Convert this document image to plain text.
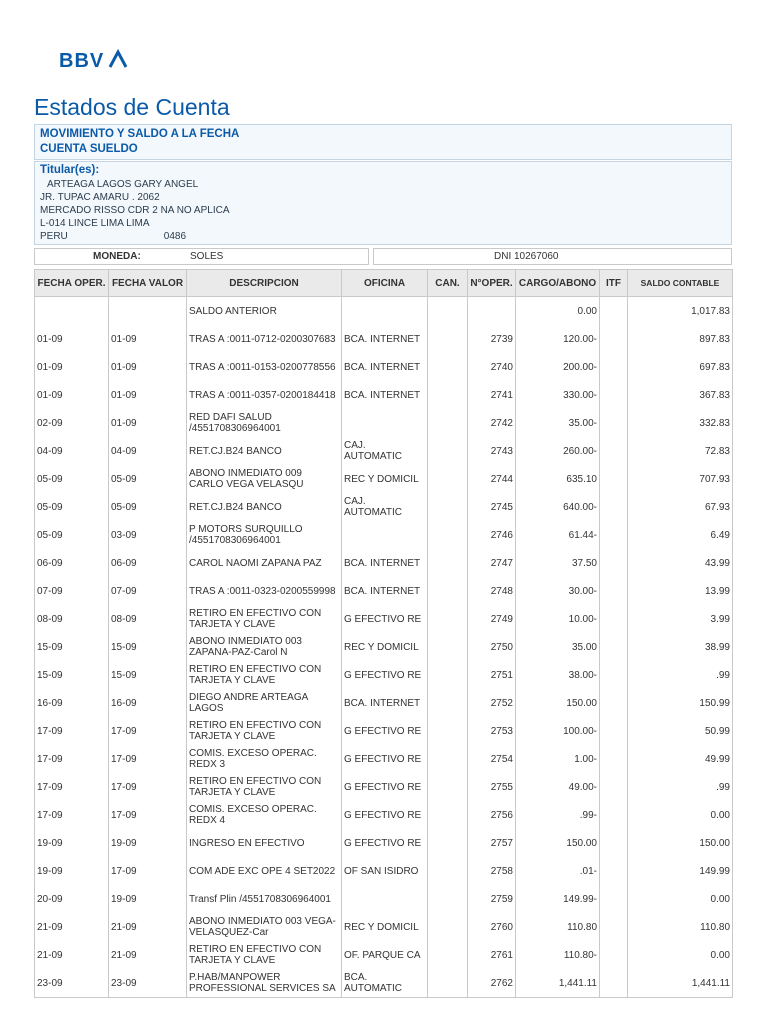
BBV
Estados de Cuenta
MOVIMIENTO Y SALDO A LA FECHA
CUENTA SUELDO
Titular(es):
ARTEAGA LAGOS GARY ANGEL
JR. TUPAC AMARU . 2062
MERCADO RISSO CDR 2 NA NO APLICA
L-014 LINCE LIMA LIMA
PERU	0486
MONEDA:	SOLES	DNI 10267060
FECHA OPER.	FECHA VALOR	DESCRIPCION	OFICINA	CAN.	N°OPER.	CARGO/ABONO	ITF	SALDO CONTABLE
		SALDO ANTERIOR				0.00		1,017.83
01-09	01-09	TRAS A :0011-0712-0200307683	BCA. INTERNET		2739	120.00-		897.83
01-09	01-09	TRAS A :0011-0153-0200778556	BCA. INTERNET		2740	200.00-		697.83
01-09	01-09	TRAS A :0011-0357-0200184418	BCA. INTERNET		2741	330.00-		367.83
02-09	01-09	RED DAFI SALUD /4551708306964001			2742	35.00-		332.83
04-09	04-09	RET.CJ.B24 BANCO	CAJ. AUTOMATIC		2743	260.00-		72.83
05-09	05-09	ABONO INMEDIATO 009 CARLO VEGA VELASQU	REC Y DOMICIL		2744	635.10		707.93
05-09	05-09	RET.CJ.B24 BANCO	CAJ. AUTOMATIC		2745	640.00-		67.93
05-09	03-09	P MOTORS SURQUILLO /4551708306964001			2746	61.44-		6.49
06-09	06-09	CAROL NAOMI ZAPANA PAZ	BCA. INTERNET		2747	37.50		43.99
07-09	07-09	TRAS A :0011-0323-0200559998	BCA. INTERNET		2748	30.00-		13.99
08-09	08-09	RETIRO EN EFECTIVO CON TARJETA Y CLAVE	G EFECTIVO RE		2749	10.00-		3.99
15-09	15-09	ABONO INMEDIATO 003 ZAPANA-PAZ-Carol N	REC Y DOMICIL		2750	35.00		38.99
15-09	15-09	RETIRO EN EFECTIVO CON TARJETA Y CLAVE	G EFECTIVO RE		2751	38.00-		.99
16-09	16-09	DIEGO ANDRE ARTEAGA LAGOS	BCA. INTERNET		2752	150.00		150.99
17-09	17-09	RETIRO EN EFECTIVO CON TARJETA Y CLAVE	G EFECTIVO RE		2753	100.00-		50.99
17-09	17-09	COMIS. EXCESO OPERAC. REDX 3	G EFECTIVO RE		2754	1.00-		49.99
17-09	17-09	RETIRO EN EFECTIVO CON TARJETA Y CLAVE	G EFECTIVO RE		2755	49.00-		.99
17-09	17-09	COMIS. EXCESO OPERAC. REDX 4	G EFECTIVO RE		2756	.99-		0.00
19-09	19-09	INGRESO EN EFECTIVO	G EFECTIVO RE		2757	150.00		150.00
19-09	17-09	COM ADE EXC OPE 4 SET2022	OF SAN ISIDRO		2758	.01-		149.99
20-09	19-09	Transf Plin /4551708306964001			2759	149.99-		0.00
21-09	21-09	ABONO INMEDIATO 003 VEGA-VELASQUEZ-Car	REC Y DOMICIL		2760	110.80		110.80
21-09	21-09	RETIRO EN EFECTIVO CON TARJETA Y CLAVE	OF. PARQUE CA		2761	110.80-		0.00
23-09	23-09	P.HAB/MANPOWER PROFESSIONAL SERVICES SA	BCA. AUTOMATIC		2762	1,441.11		1,441.11
